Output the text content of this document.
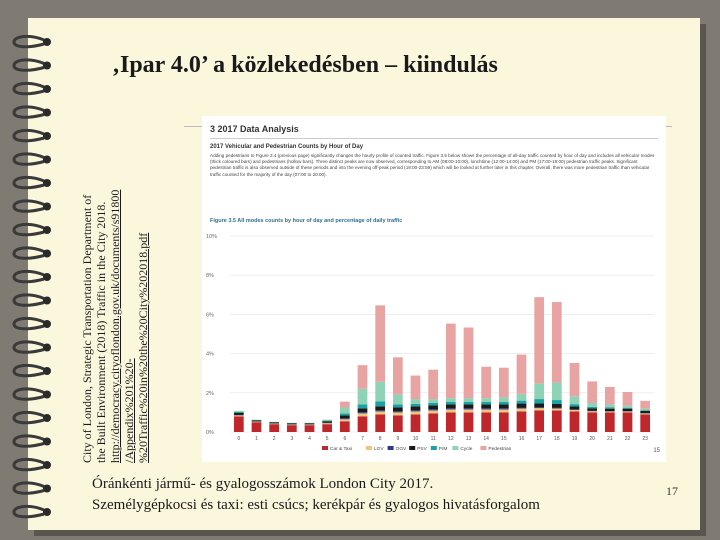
‚Ipar 4.0’ a közlekedésben – kiindulás
City of London, Strategic Transportation Department of the Built Environment (2018) Traffic in the City 2018. http://democracy.cityoflondon.gov.uk/documents/s91800 /Appendix%201%20- %20Traffic%20in%20the%20City%202018.pdf
3 2017 Data Analysis
2017 Vehicular and Pedestrian Counts by Hour of Day
Adding pedestrians to Figure 3.4 (previous page) significantly changes the hourly profile of counted traffic. Figure 3.5 below shows the percentage of all-day traffic counted by hour of day and includes all vehicular modes (thick coloured bars) and pedestrians (hollow bars). Three distinct peaks are now observed, corresponding to AM (08:00-10:00), lunchtime (12:00-14:00) and PM (17:00-19:00) pedestrian traffic peaks. Significant pedestrian traffic is also observed outside of these periods and into the evening off-peak period (19:00-23:59) which will be looked at further later in this chapter. Overall, there was more pedestrian traffic than vehicular traffic counted for the majority of the day (07:00 to 20:00).
Figure 3.5 All modes counts by hour of day and percentage of daily traffic
0%
2%
4%
6%
8%
10%
0	1	2	3	4	5	6	7	8	9	10 11 12 13 14 15 16 17 18 19 20 21 22 23
Car & Taxi	LGV OGV PSV P/M	Cycle	Pedestrian	15
Óránkénti jármű- és gyalogosszámok London City 2017.
Személygépkocsi és taxi: esti csúcs; kerékpár és gyalogos hivatásforgalom
17
